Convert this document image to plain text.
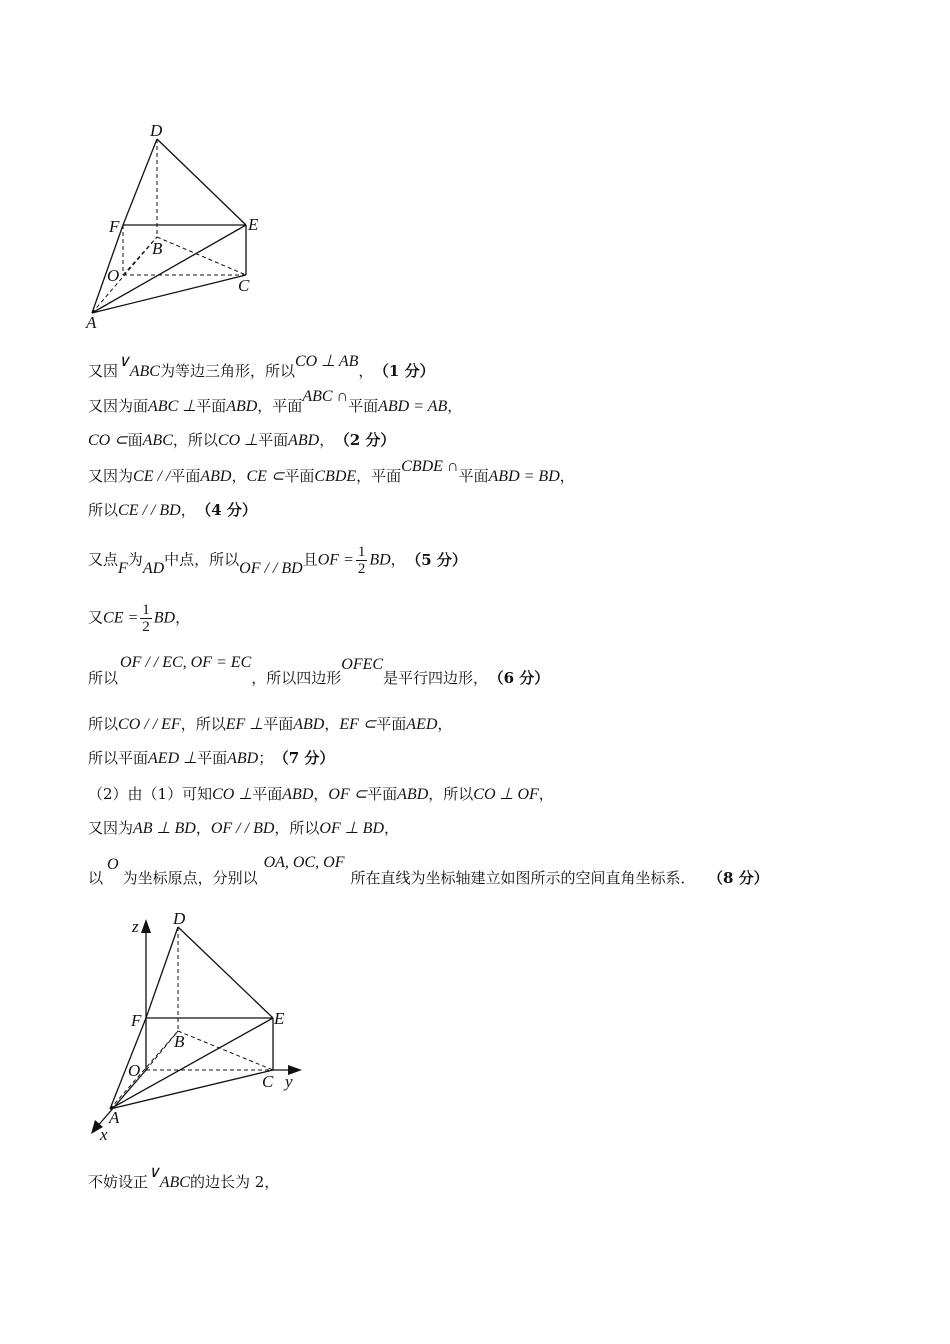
D
E
F
B
O
C
A
又因∨ABC为等边三角形，所以CO ⊥ AB， （1 分）
又因为面ABC ⊥平面ABD，平面ABC ∩平面ABD = AB，
CO ⊂面ABC，所以CO ⊥平面ABD， （2 分）
又因为CE / /平面ABD，CE ⊂平面CBDE，平面CBDE ∩平面ABD = BD，
所以CE / / BD， （4 分）
又点F为AD中点，所以OF / / BD且OF = $\frac{1}{2}$ BD， （5 分）
又CE = $\frac{1}{2}$ BD，
所以OF / / EC, OF = EC，所以四边形OFEC是平行四边形， （6 分）
所以CO / / EF，所以EF ⊥平面ABD，EF ⊂平面AED，
所以平面AED ⊥平面ABD； （7 分）
（2）由（1）可知CO ⊥平面ABD，OF ⊂平面ABD，所以CO ⊥ OF，
又因为AB ⊥ BD，OF / / BD，所以OF ⊥ BD，
以O为坐标原点，分别以OA, OC, OF所在直线为坐标轴建立如图所示的空间直角坐标系． （8 分）
D
z
E
F
B
O
C y
A
x
不妨设正∨ABC的边长为 2，
